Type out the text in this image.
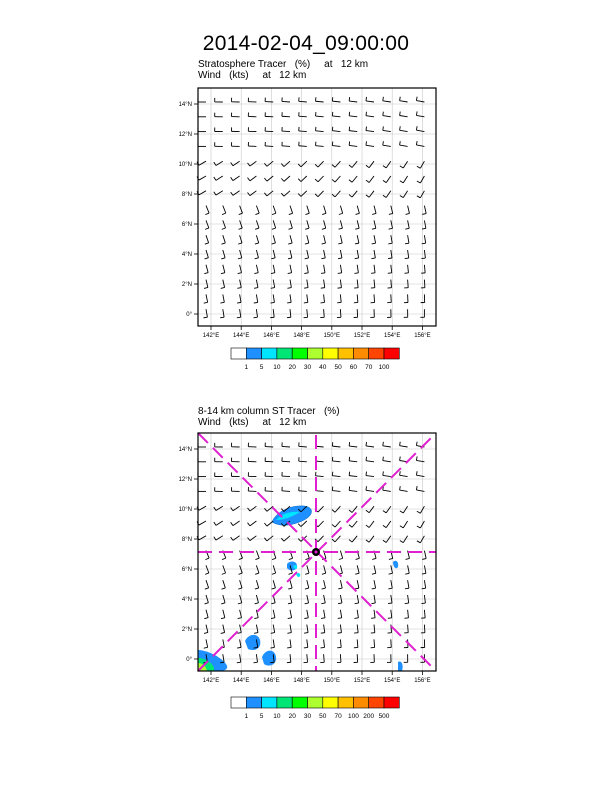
2014-02-04_09:00:00
Stratosphere Tracer   (%)     at   12 km
Wind   (kts)     at   12 km
8-14 km column ST Tracer   (%)
Wind   (kts)     at   12 km
142°E 144°E 146°E 148°E 150°E 152°E 154°E 156°E
14°N
12°N
10°N
8°N
6°N
4°N
2°N
0°
1 5 10 20 30 40 50 60 70 100
142°E 144°E 146°E 148°E 150°E 152°E 154°E 156°E
14°N
12°N
10°N
8°N
6°N
4°N
2°N
0°
1 5 10 20 30 50 70 100 200 500
